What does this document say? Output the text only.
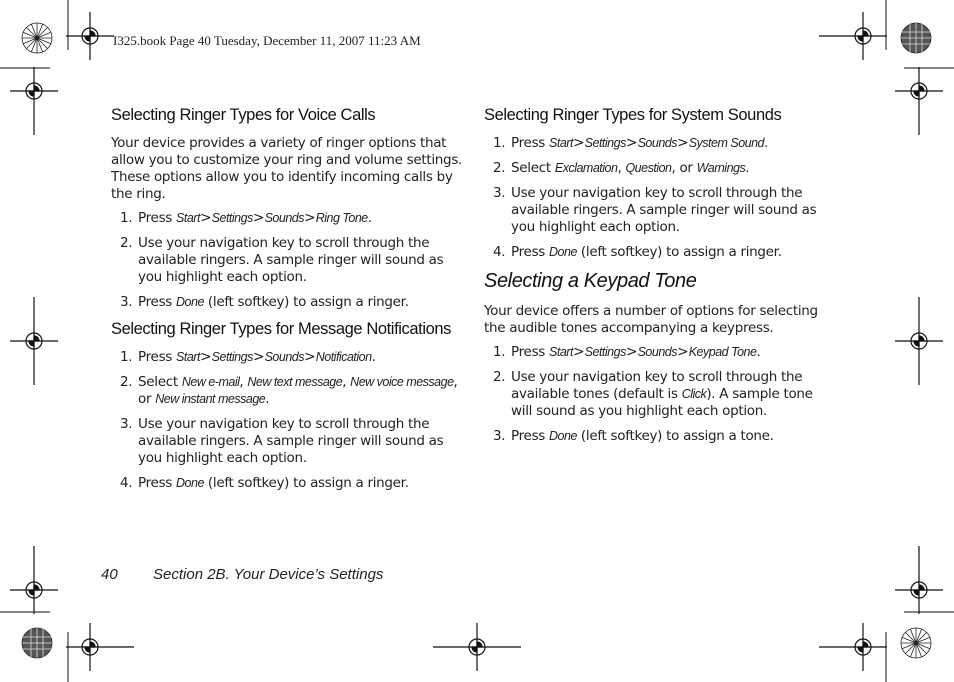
I325.book Page 40 Tuesday, December 11, 2007 11:23 AM
Selecting Ringer Types for Voice Calls

Your device provides a variety of ringer options that allow you to customize your ring and volume settings. These options allow you to identify incoming calls by the ring.

1. Press Start>Settings>Sounds>Ring Tone.
2. Use your navigation key to scroll through the available ringers. A sample ringer will sound as you highlight each option.
3. Press Done (left softkey) to assign a ringer.
Selecting Ringer Types for Message Notifications
1. Press Start>Settings>Sounds>Notification.
2. Select New e-mail, New text message, New voice message, or New instant message.
3. Use your navigation key to scroll through the available ringers. A sample ringer will sound as you highlight each option.
4. Press Done (left softkey) to assign a ringer.
Selecting Ringer Types for System Sounds
1. Press Start>Settings>Sounds>System Sound.
2. Select Exclamation, Question, or Warnings.
3. Use your navigation key to scroll through the available ringers. A sample ringer will sound as you highlight each option.
4. Press Done (left softkey) to assign a ringer.
Selecting a Keypad Tone

Your device offers a number of options for selecting the audible tones accompanying a keypress.

1. Press Start>Settings>Sounds>Keypad Tone.
2. Use your navigation key to scroll through the available tones (default is Click). A sample tone will sound as you highlight each option.
3. Press Done (left softkey) to assign a tone.
40 Section 2B. Your Device’s Settings
